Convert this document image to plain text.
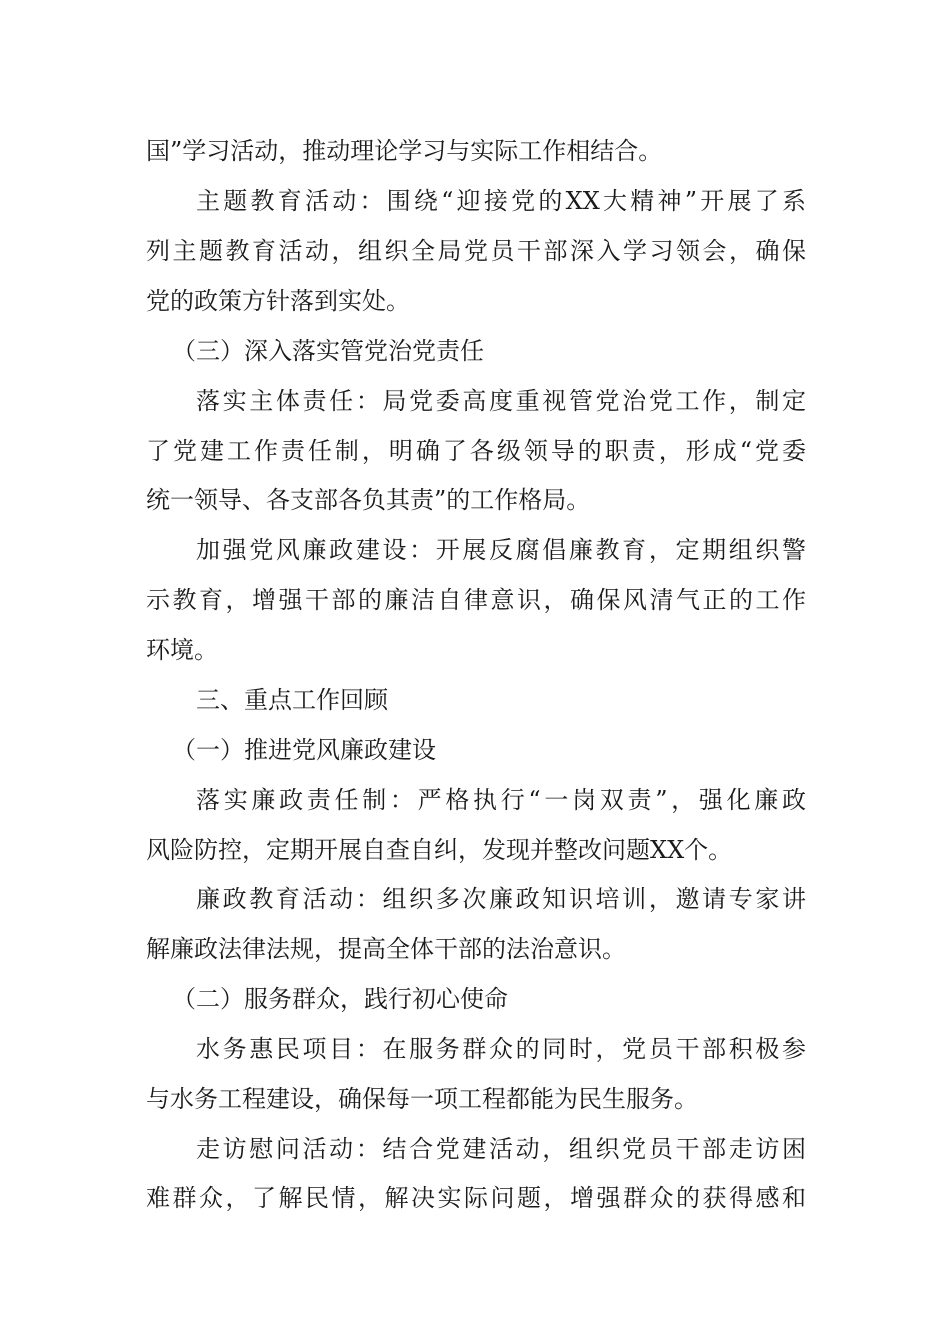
国”学习活动，推动理论学习与实际工作相结合。
主题教育活动：围绕“迎接党的XX大精神”开展了系
列主题教育活动，组织全局党员干部深入学习领会，确保
党的政策方针落到实处。
（三）深入落实管党治党责任
落实主体责任：局党委高度重视管党治党工作，制定
了党建工作责任制，明确了各级领导的职责，形成“党委
统一领导、各支部各负其责”的工作格局。
加强党风廉政建设：开展反腐倡廉教育，定期组织警
示教育，增强干部的廉洁自律意识，确保风清气正的工作
环境。
三、重点工作回顾
（一）推进党风廉政建设
落实廉政责任制：严格执行“一岗双责”，强化廉政
风险防控，定期开展自查自纠，发现并整改问题XX个。
廉政教育活动：组织多次廉政知识培训，邀请专家讲
解廉政法律法规，提高全体干部的法治意识。
（二）服务群众，践行初心使命
水务惠民项目：在服务群众的同时，党员干部积极参
与水务工程建设，确保每一项工程都能为民生服务。
走访慰问活动：结合党建活动，组织党员干部走访困
难群众，了解民情，解决实际问题，增强群众的获得感和
